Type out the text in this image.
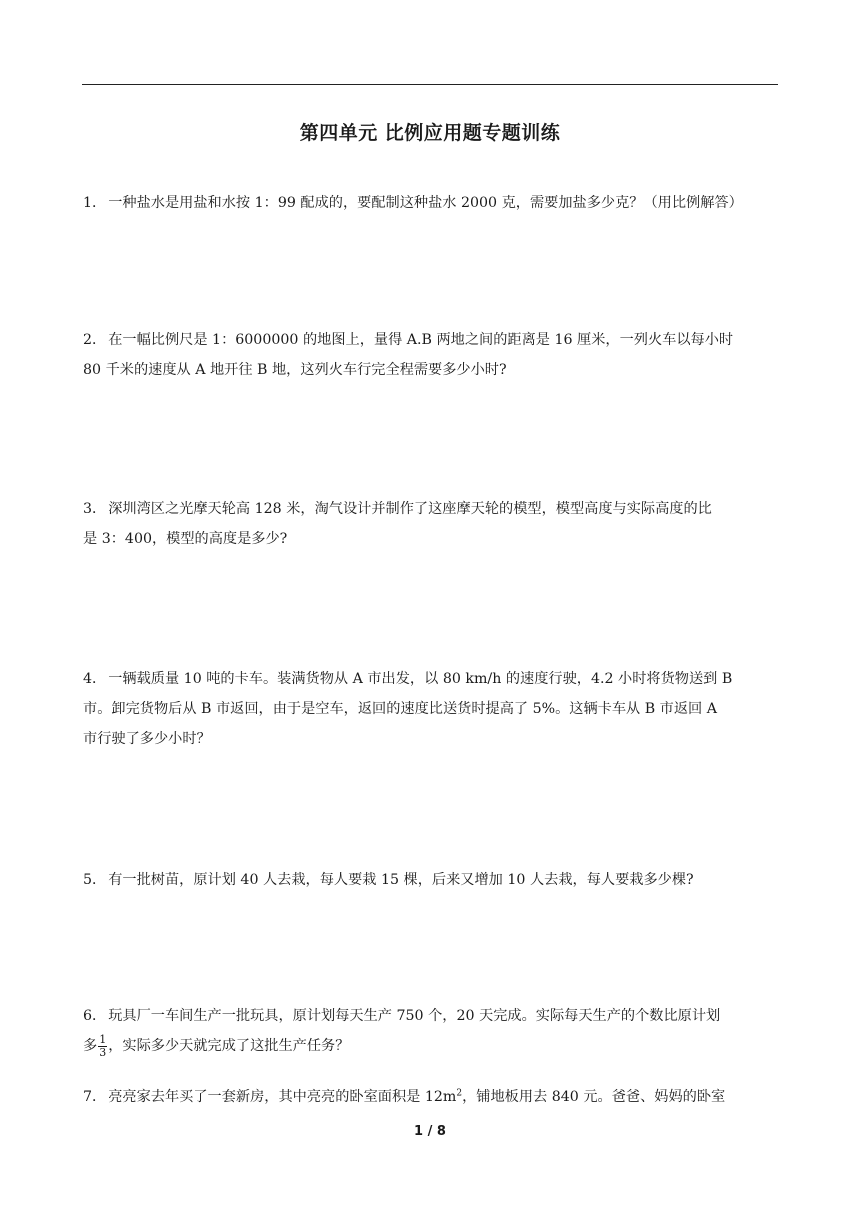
第四单元 比例应用题专题训练
1． 一种盐水是用盐和水按 1：99 配成的，要配制这种盐水 2000 克，需要加盐多少克？（用比例解答）
2． 在一幅比例尺是 1：6000000 的地图上，量得 A.B 两地之间的距离是 16 厘米，一列火车以每小时
80 千米的速度从 A 地开往 B 地，这列火车行完全程需要多少小时?
3． 深圳湾区之光摩天轮高 128 米，淘气设计并制作了这座摩天轮的模型，模型高度与实际高度的比
是 3：400，模型的高度是多少?
4． 一辆载质量 10 吨的卡车。装满货物从 A 市出发，以 80 km/h 的速度行驶，4.2 小时将货物送到 B
市。卸完货物后从 B 市返回，由于是空车，返回的速度比送货时提高了 5%。这辆卡车从 B 市返回 A
市行驶了多少小时？
5． 有一批树苗，原计划 40 人去栽，每人要栽 15 棵，后来又增加 10 人去栽，每人要栽多少棵?
6． 玩具厂一车间生产一批玩具，原计划每天生产 750 个，20 天完成。实际每天生产的个数比原计划
多 $\frac{1}{3}$ ，实际多少天就完成了这批生产任务？
7． 亮亮家去年买了一套新房，其中亮亮的卧室面积是 $12m^2$，铺地板用去 840 元。爸爸、妈妈的卧室
1 / 8
